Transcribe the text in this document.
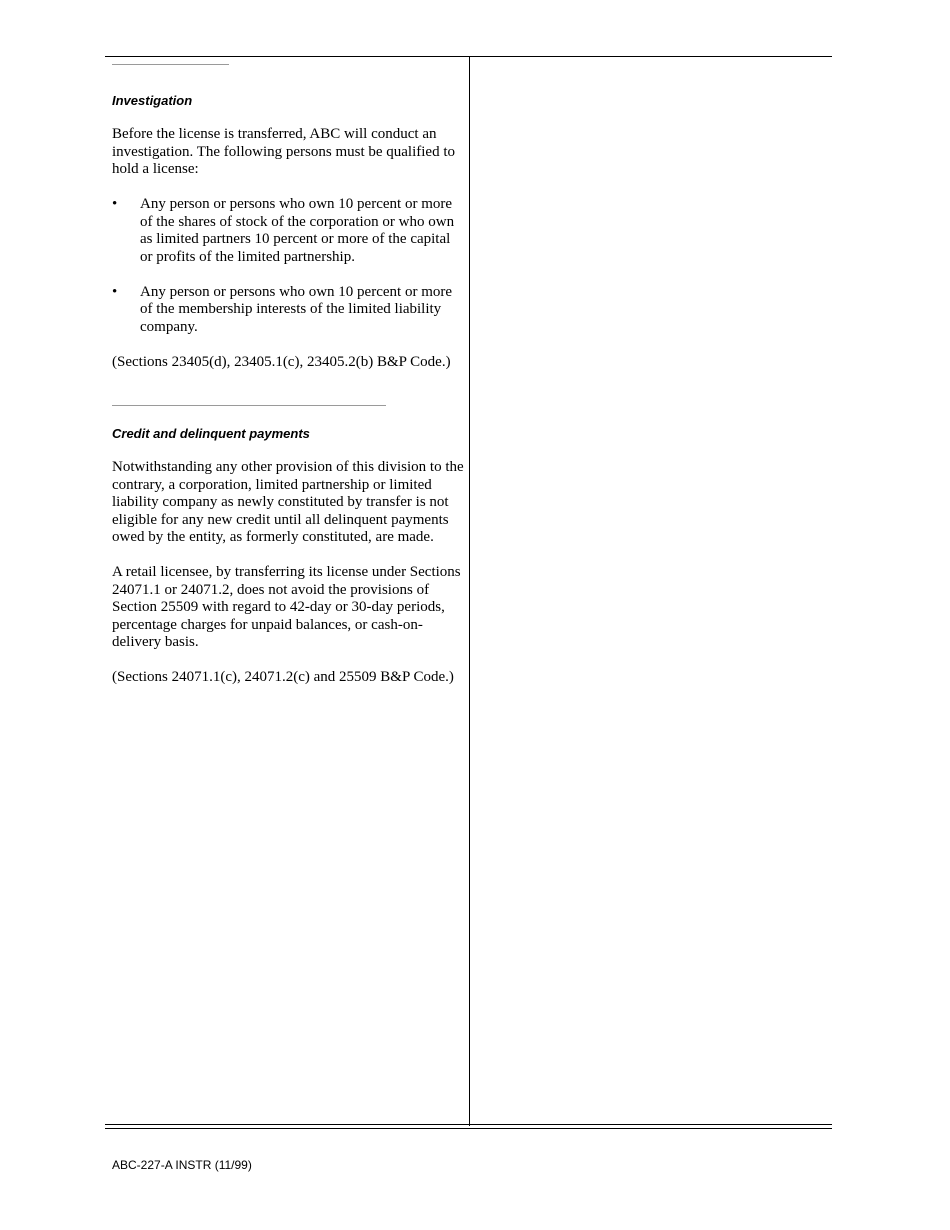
Investigation

Before the license is transferred, ABC will conduct an investigation. The following persons must be qualified to hold a license:

• Any person or persons who own 10 percent or more of the shares of stock of the corporation or who own as limited partners 10 percent or more of the capital or profits of the limited partnership.
• Any person or persons who own 10 percent or more of the membership interests of the limited liability company.

(Sections 23405(d), 23405.1(c), 23405.2(b) B&P Code.)

Credit and delinquent payments

Notwithstanding any other provision of this division to the contrary, a corporation, limited partnership or limited liability company as newly constituted by transfer is not eligible for any new credit until all delinquent payments owed by the entity, as formerly constituted, are made.

A retail licensee, by transferring its license under Sections 24071.1 or 24071.2, does not avoid the provisions of Section 25509 with regard to 42-day or 30-day periods, percentage charges for unpaid balances, or cash-on-delivery basis.

(Sections 24071.1(c), 24071.2(c) and 25509 B&P Code.)

ABC-227-A INSTR (11/99)
